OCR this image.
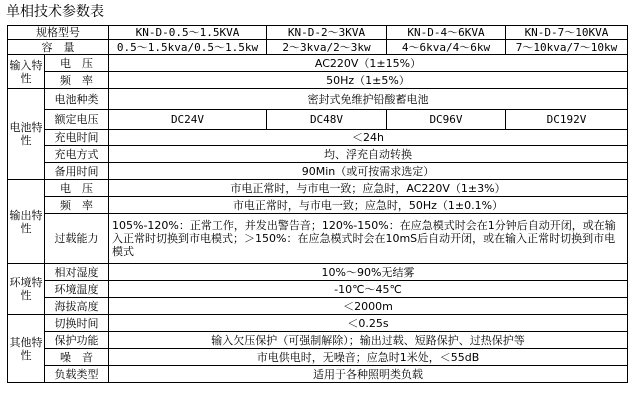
单相技术参数表
规格型号		KN-D-0.5～1.5KVA	KN-D-2～3KVA	KN-D-4～6KVA	KN-D-7～10KVA
容　量		0.5～1.5kva/0.5～1.5kw	2～3kva/2～3kw	4～6kva/4～6kw	7～10kva/7～10kw
输入特性	电　压	AC220V（1±15%）			
	频　率	50Hz（1±5%）			
电池特性	电池种类	密封式免维护铅酸蓄电池			
	额定电压	DC24V	DC48V	DC96V	DC192V
	充电时间	＜24h			
	充电方式	均、浮充自动转换			
	备用时间	90Min（或可按需求选定）			
输出特性	电　压	市电正常时，与市电一致；应急时，AC220V（1±3%）			
	频　率	市电正常时，与市电一致；应急时，50Hz（1±0.1%）			
	过载能力	105%-120%：正常工作，并发出警告音；120%-150%：在应急模式时会在1分钟后自动开闭，或在输入正常时切换到市电模式；＞150%：在应急模式时会在10mS后自动开闭，或在输入正常时切换到市电模式			
环境特性	相对湿度	10%～90%无结雾			
	环境温度	-10℃～45℃			
	海拔高度	＜2000m			
其他特性	切换时间	＜0.25s			
	保护功能	输入欠压保护（可强制解除）；输出过载、短路保护、过热保护等			
	噪　音	市电供电时，无噪音；应急时1米处，＜55dB			
	负载类型	适用于各种照明类负载			
